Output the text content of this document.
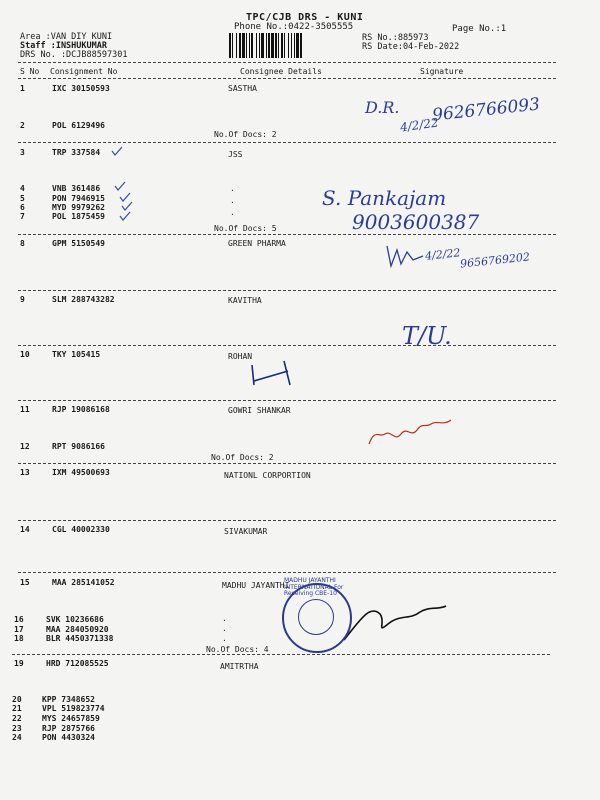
TPC/CJB DRS - KUNI
Phone No.:0422-3505555	Page No.:1
Area :VAN DIY KUNI
Staff :INSHUKUMAR
DRS No. :DCJB88597301
RS No.:885973
RS Date:04-Feb-2022
S No Consignment No	Consignee Details	Signature
1	IXC 30150593	SASTHA
2	POL 6129496
No.Of Docs: 2
3	TRP 337584	JSS
4	VNB 361486
5	PON 7946915
6	MYD 9979262
7	POL 1875459
.
.
.
No.Of Docs: 5
8	GPM 5150549	GREEN PHARMA
9	SLM 288743282	KAVITHA
10	TKY 105415	ROHAN
11	RJP 19086168	GOWRI SHANKAR
12	RPT 9086166
No.Of Docs: 2
13	IXM 49500693	NATIONL CORPORTION
14	CGL 40002330	SIVAKUMAR
15	MAA 285141052	MADHU JAYANTHI
16	SVK 10236686
17	MAA 284050920
18	BLR 4450371338
.
.
.
No.Of Docs: 4
19	HRD 712085525	AMITRTHA
20	KPP 7348652
21	VPL 519823774
22	MYS 24657859
23	RJP 2875766
24	PON 4430324
D.R.
4/2/22
9626766093
S. Pankajam
9003600387
4/2/22
9656769202
T/U.
MADHU JAYANTHI INTERNATIONAL For Receiving CBE-10
